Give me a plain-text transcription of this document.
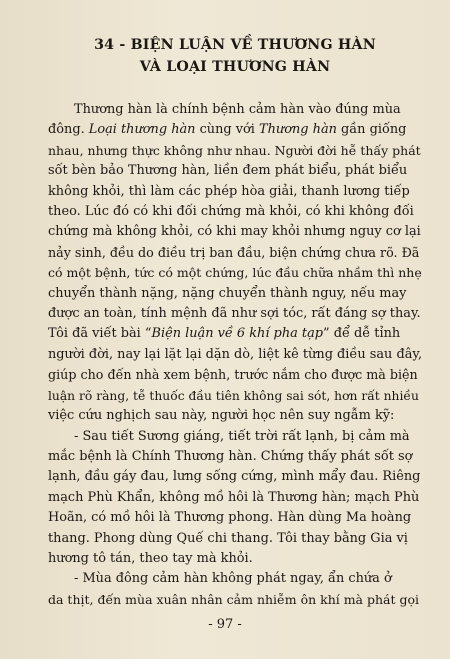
34 - BIỆN LUẬN VỀ THƯƠNG HÀN
VÀ LOẠI THƯƠNG HÀN

Thương hàn là chính bệnh cảm hàn vào đúng mùa
đông. Loại thương hàn cùng với Thương hàn gần giống
nhau, nhưng thực không như nhau. Người đời hễ thấy phát
sốt bèn bảo Thương hàn, liền đem phát biểu, phát biểu
không khỏi, thì làm các phép hòa giải, thanh lương tiếp
theo. Lúc đó có khi đối chứng mà khỏi, có khi không đối
chứng mà không khỏi, có khi may khỏi nhưng nguy cơ lại
nảy sinh, đều do điều trị ban đầu, biện chứng chưa rõ. Đã
có một bệnh, tức có một chứng, lúc đầu chữa nhầm thì nhẹ
chuyển thành nặng, nặng chuyển thành nguy, nếu may
được an toàn, tính mệnh đã như sợi tóc, rất đáng sợ thay.
Tôi đã viết bài “Biện luận về 6 khí pha tạp” để dễ tỉnh
người đời, nay lại lặt lại dặn dò, liệt kê từng điều sau đây,
giúp cho đến nhà xem bệnh, trước nắm cho được mà biện
luận rõ ràng, tễ thuốc đầu tiên không sai sót, hơn rất nhiều
việc cứu nghịch sau này, người học nên suy ngẫm kỹ:

- Sau tiết Sương giáng, tiết trời rất lạnh, bị cảm mà
mắc bệnh là Chính Thương hàn. Chứng thấy phát sốt sợ
lạnh, đầu gáy đau, lưng sống cứng, mình mẩy đau. Riêng
mạch Phù Khẩn, không mồ hôi là Thương hàn; mạch Phù
Hoãn, có mồ hôi là Thương phong. Hàn dùng Ma hoàng
thang. Phong dùng Quế chi thang. Tôi thay bằng Gia vị
hương tô tán, theo tay mà khỏi.

- Mùa đông cảm hàn không phát ngay, ẩn chứa ở
da thịt, đến mùa xuân nhân cảm nhiễm ôn khí mà phát gọi

- 97 -
